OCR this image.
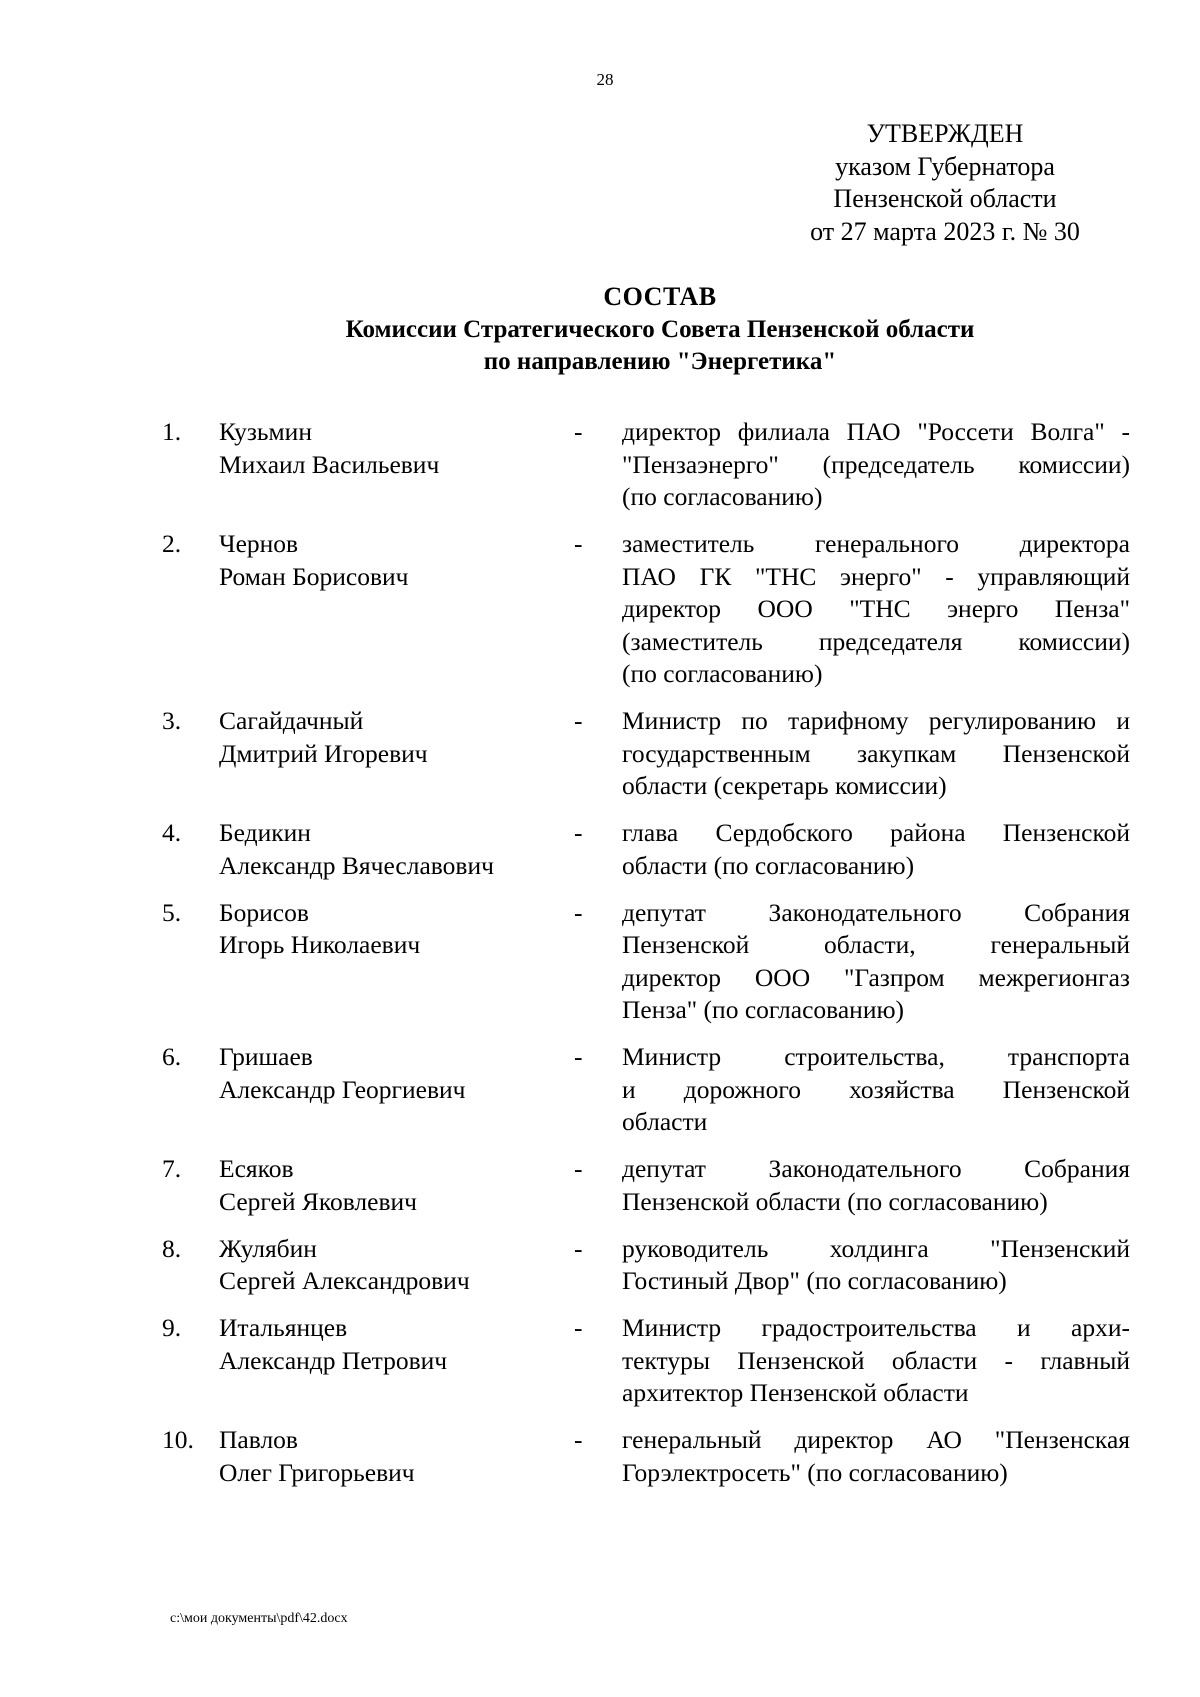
28
УТВЕРЖДЕН
указом Губернатора
Пензенской области
от 27 марта 2023 г. № 30
СОСТАВ
Комиссии Стратегического Совета Пензенской области
по направлению "Энергетика"
1.	Кузьмин
Михаил Васильевич
-	директор филиала ПАО "Россети Волга" -
"Пензаэнерго" (председатель комиссии)
(по согласованию)
2.	Чернов
Роман Борисович
-	заместитель генерального директора
ПАО ГК "ТНС энерго" - управляющий
директор ООО "ТНС энерго Пенза"
(заместитель председателя комиссии)
(по согласованию)
3.	Сагайдачный
Дмитрий Игоревич
-	Министр по тарифному регулированию и
государственным закупкам Пензенской
области (секретарь комиссии)
4.	Бедикин
Александр Вячеславович
-	глава Сердобского района Пензенской
области (по согласованию)
5.	Борисов
Игорь Николаевич
-	депутат Законодательного Собрания
Пензенской области, генеральный
директор ООО "Газпром межрегионгаз
Пенза" (по согласованию)
6.	Гришаев
Александр Георгиевич
-	Министр строительства, транспорта
и дорожного хозяйства Пензенской
области
7.	Есяков
Сергей Яковлевич
-	депутат Законодательного Собрания
Пензенской области (по согласованию)
8.	Жулябин
Сергей Александрович
-	руководитель холдинга "Пензенский
Гостиный Двор" (по согласованию)
9.	Итальянцев
Александр Петрович
-	Министр градостроительства и архи-
тектуры Пензенской области - главный
архитектор Пензенской области
10. Павлов
Олег Григорьевич
-	генеральный директор АО "Пензенская
Горэлектросеть" (по согласованию)
c:\мои документы\pdf\42.docx
